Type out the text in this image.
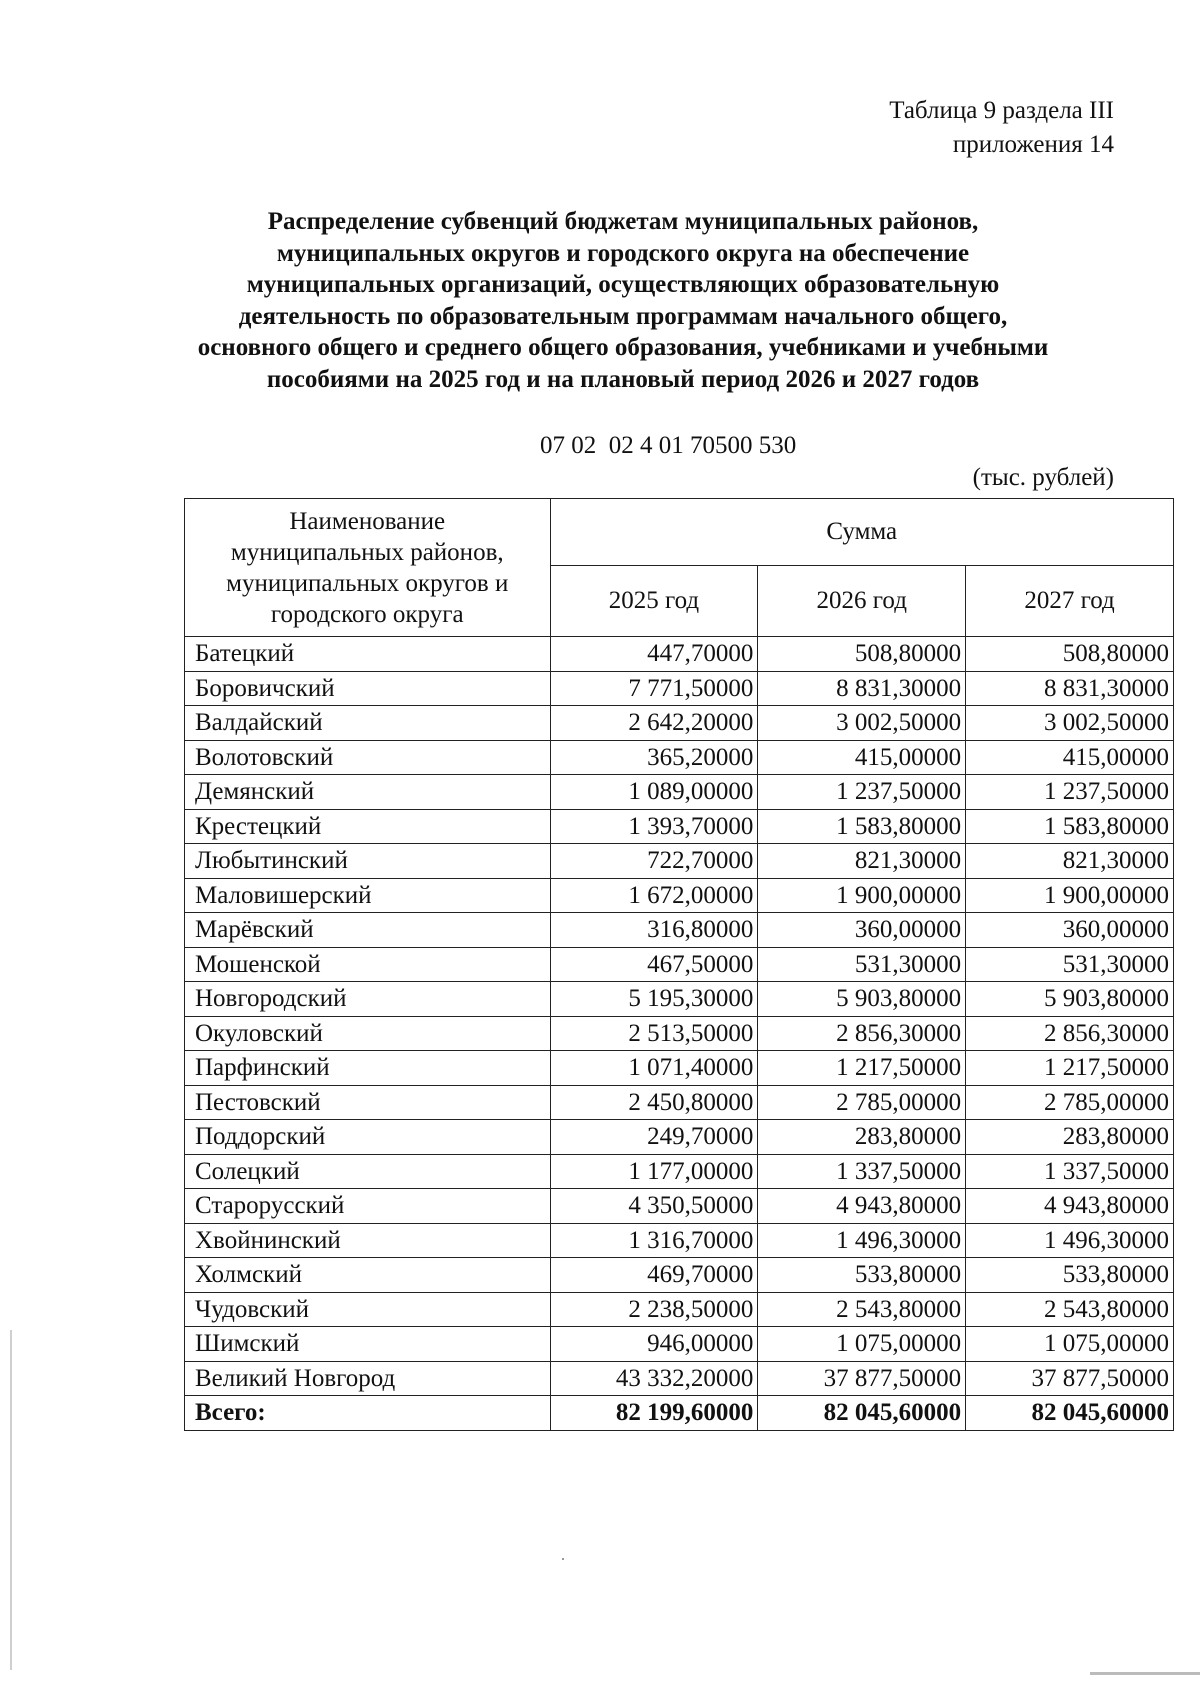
Таблица 9 раздела III
приложения 14
Распределение субвенций бюджетам муниципальных районов,
муниципальных округов и городского округа на обеспечение
муниципальных организаций, осуществляющих образовательную
деятельность по образовательным программам начального общего,
основного общего и среднего общего образования, учебниками и учебными
пособиями на 2025 год и на плановый период 2026 и 2027 годов
07 02  02 4 01 70500 530
(тыс. рублей)
Наименование
муниципальных районов,
муниципальных округов и
городского округа	Сумма		
	2025 год	2026 год	2027 год
Батецкий	447,70000	508,80000	508,80000
Боровичский	7 771,50000	8 831,30000	8 831,30000
Валдайский	2 642,20000	3 002,50000	3 002,50000
Волотовский	365,20000	415,00000	415,00000
Демянский	1 089,00000	1 237,50000	1 237,50000
Крестецкий	1 393,70000	1 583,80000	1 583,80000
Любытинский	722,70000	821,30000	821,30000
Маловишерский	1 672,00000	1 900,00000	1 900,00000
Марёвский	316,80000	360,00000	360,00000
Мошенской	467,50000	531,30000	531,30000
Новгородский	5 195,30000	5 903,80000	5 903,80000
Окуловский	2 513,50000	2 856,30000	2 856,30000
Парфинский	1 071,40000	1 217,50000	1 217,50000
Пестовский	2 450,80000	2 785,00000	2 785,00000
Поддорский	249,70000	283,80000	283,80000
Солецкий	1 177,00000	1 337,50000	1 337,50000
Старорусский	4 350,50000	4 943,80000	4 943,80000
Хвойнинский	1 316,70000	1 496,30000	1 496,30000
Холмский	469,70000	533,80000	533,80000
Чудовский	2 238,50000	2 543,80000	2 543,80000
Шимский	946,00000	1 075,00000	1 075,00000
Великий Новгород	43 332,20000	37 877,50000	37 877,50000
Всего:	82 199,60000	82 045,60000	82 045,60000
